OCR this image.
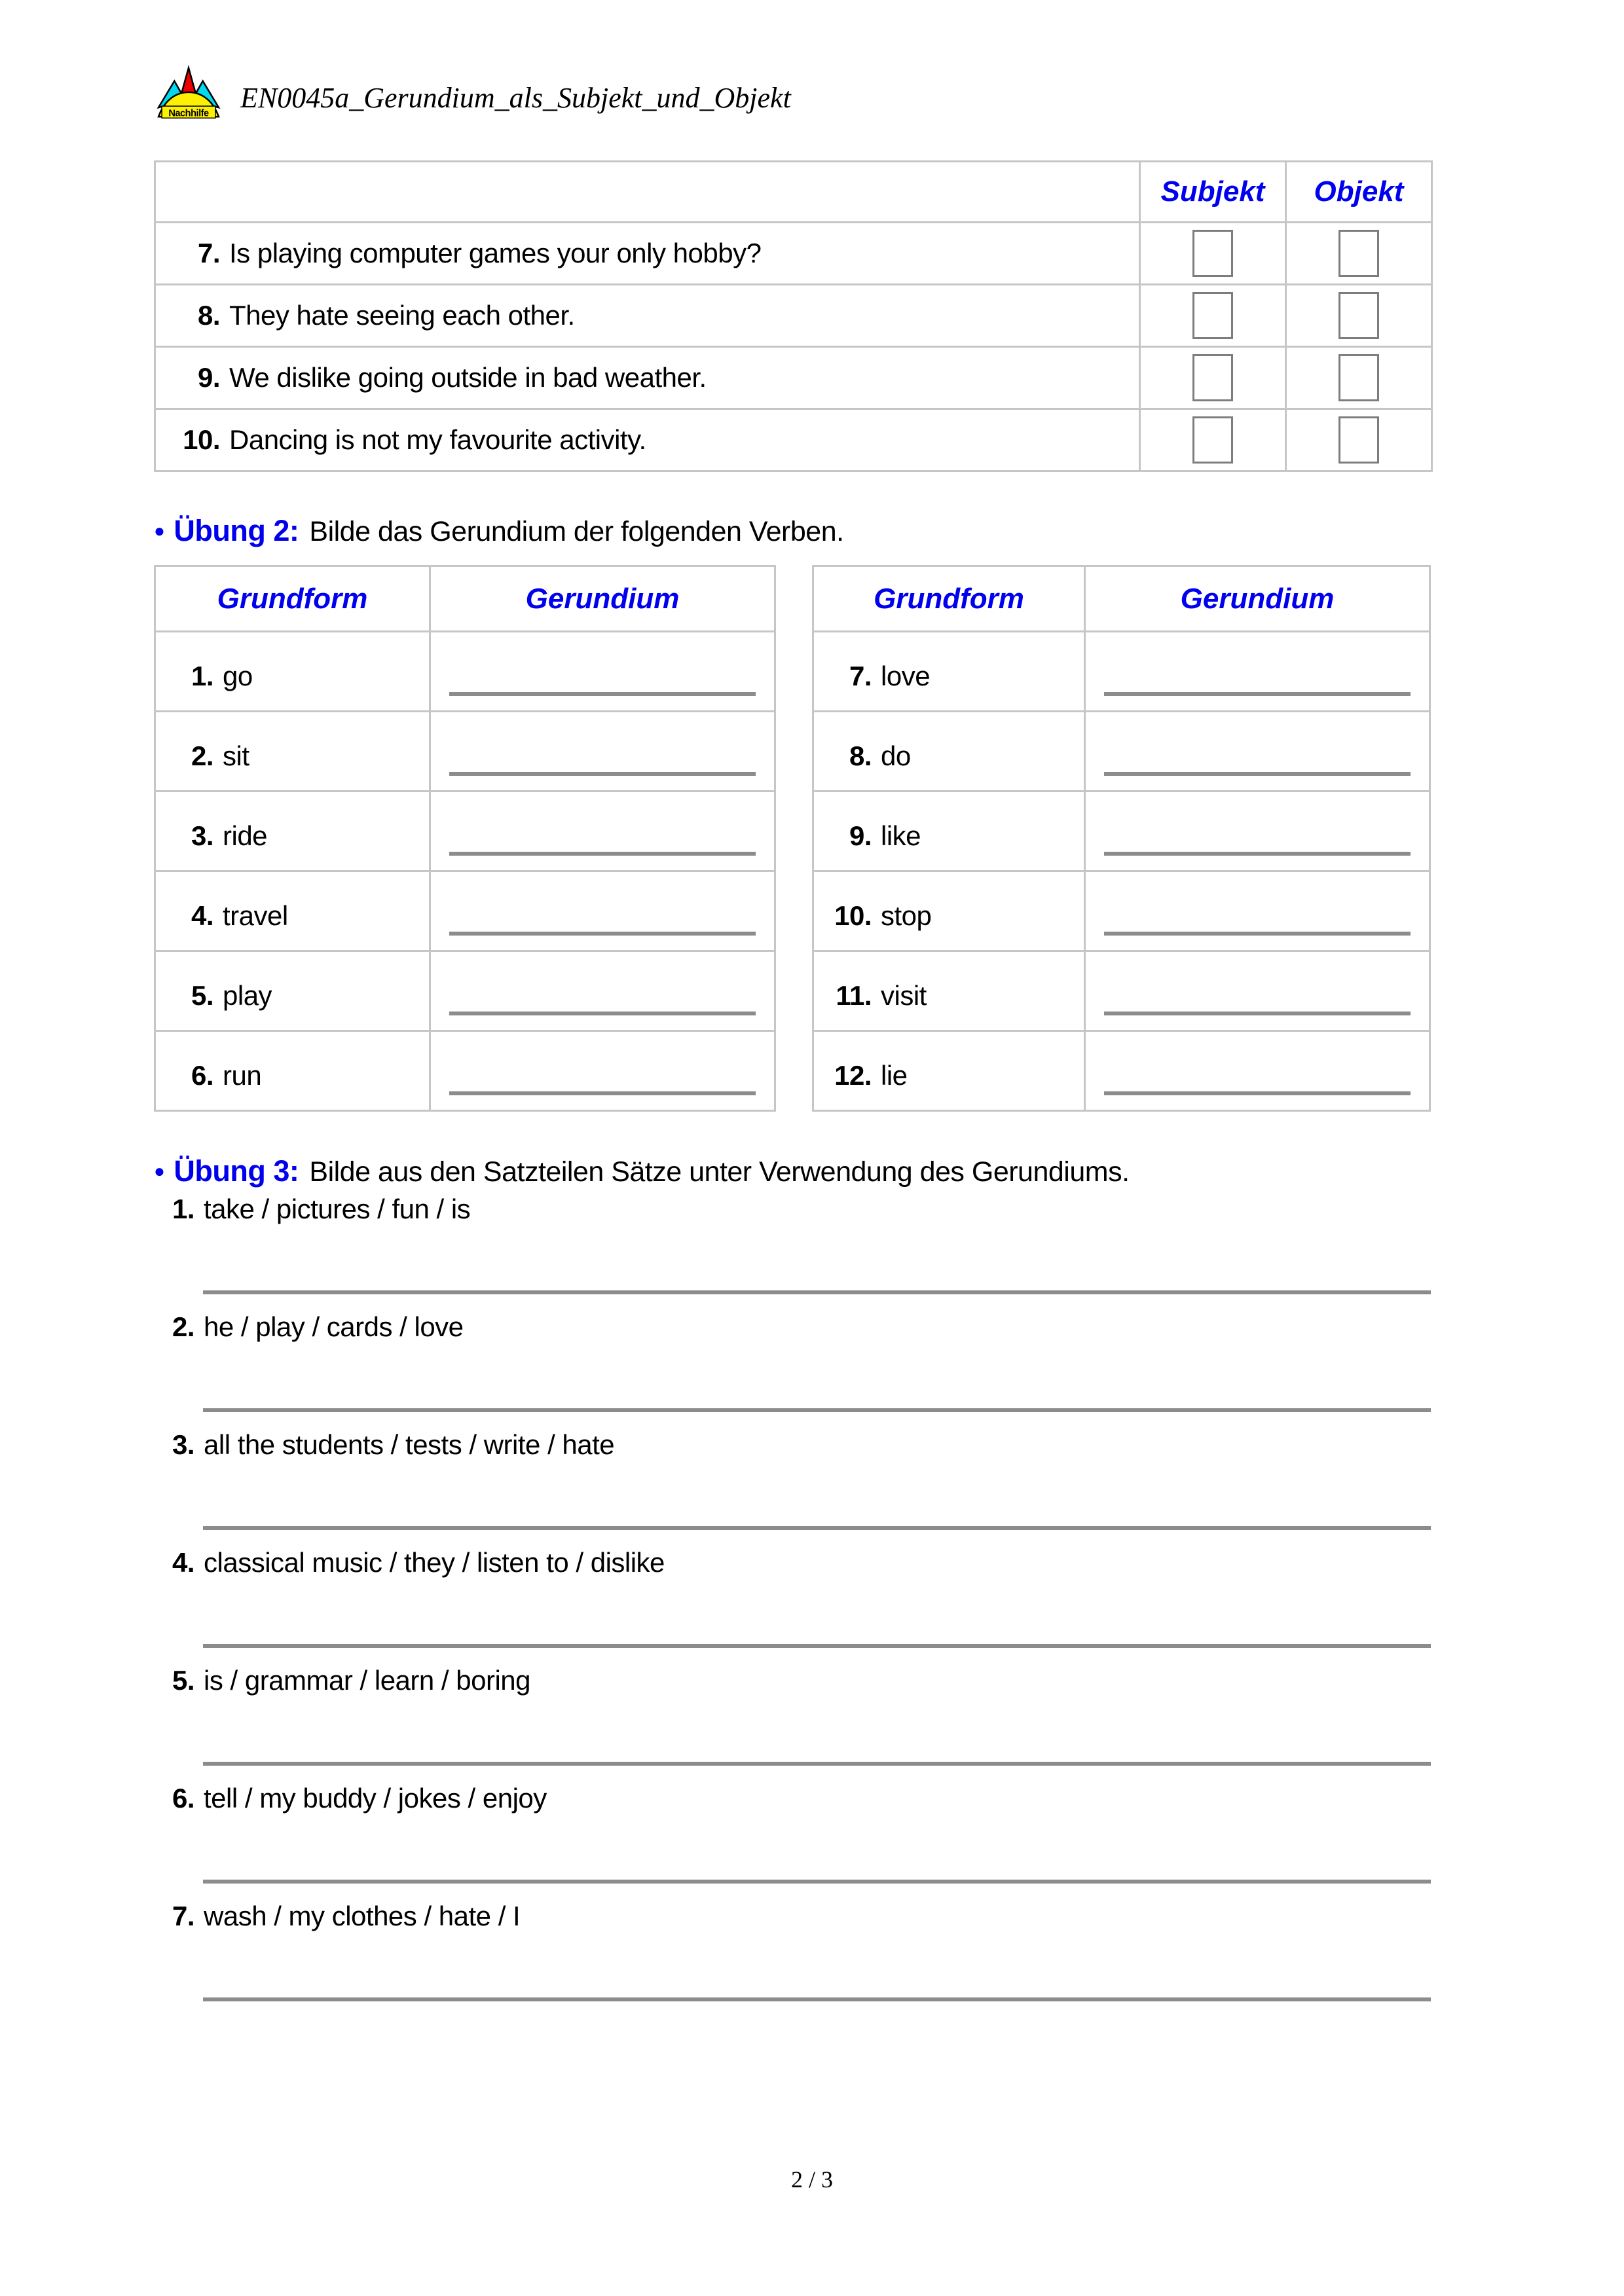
Nachhilfe EN0045a_Gerundium_als_Subjekt_und_Objekt
	Subjekt	Objekt
7. Is playing computer games your only hobby?		
8. They hate seeing each other.		
9. We dislike going outside in bad weather.		
10. Dancing is not my favourite activity.		
● Übung 2: Bilde das Gerundium der folgenden Verben.
Grundform	Gerundium
1. go	

2. sit	

3. ride	

4. travel	

5. play	

6. run	
Grundform	Gerundium
7. love	

8. do	

9. like	

10. stop	

11. visit	

12. lie	
● Übung 3: Bilde aus den Satzteilen Sätze unter Verwendung des Gerundiums.

1. take / pictures / fun / is

2. he / play / cards / love

3. all the students / tests / write / hate

4. classical music / they / listen to / dislike

5. is / grammar / learn / boring

6. tell / my buddy / jokes / enjoy

7. wash / my clothes / hate / I

2 / 3
